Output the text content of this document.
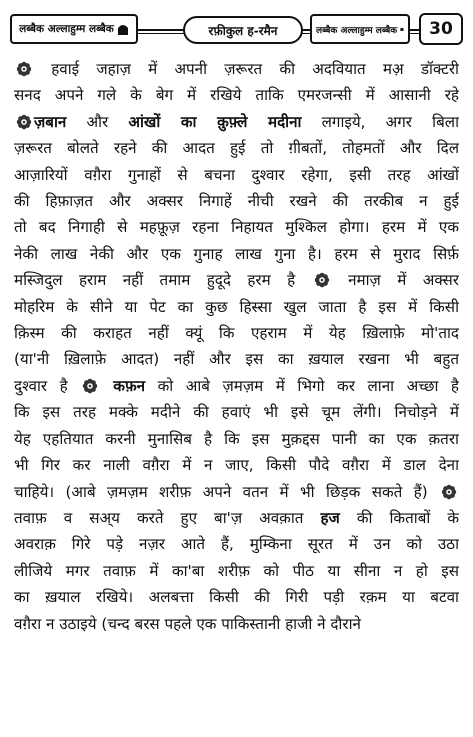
लब्बैक अल्लाहुम्म लब्बैक	रफ़ीकुल ह-रमैन	लब्बैक अल्लाहुम्म लब्बैक 30
हवाई जहाज़ में अपनी ज़रूरत की अदवियात मअ़ डॉक्टरी
सनद अपने गले के बेग में रखिये ताकि एमरजन्सी में आसानी रहे
ज़बान और आंखों का क़ुफ़्ले मदीना लगाइये, अगर बिला
ज़रूरत बोलते रहने की आदत हुई तो ग़ीबतों, तोहमतों और दिल
आज़ारियों वग़ैरा गुनाहों से बचना दुश्वार रहेगा, इसी तरह आंखों
की हिफ़ाज़त और अक्सर निगाहें नीची रखने की तरकीब न हुई
तो बद निगाही से महफ़ूज़ रहना निहायत मुश्किल होगा। हरम में एक
नेकी लाख नेकी और एक गुनाह लाख गुना है। हरम से मुराद सिर्फ़
मस्जिदुल हराम नहीं तमाम हुदूदे हरम है  नमाज़ में अक्सर
मोहरिम के सीने या पेट का कुछ हिस्सा खुल जाता है इस में किसी
क़िस्म की कराहत नहीं क्यूं कि एहराम में येह ख़िलाफ़े मो'ताद
(या'नी ख़िलाफ़े आदत) नहीं और इस का ख़याल रखना भी बहुत
दुश्वार है  कफ़न को आबे ज़मज़म में भिगो कर लाना अच्छा है
कि इस तरह मक्के मदीने की हवाएं भी इसे चूम लेंगी। निचोड़ने में
येह एहतियात करनी मुनासिब है कि इस मुक़द्दस पानी का एक क़तरा
भी गिर कर नाली वग़ैरा में न जाए, किसी पौदे वग़ैरा में डाल देना
चाहिये। (आबे ज़मज़म शरीफ़ अपने वतन में भी छिड़क सकते हैं)
तवाफ़ व सअ्य करते हुए बा'ज़ अवक़ात हज की किताबों के
अवराक़ गिरे पड़े नज़र आते हैं, मुम्किना सूरत में उन को उठा
लीजिये मगर तवाफ़ में का'बा शरीफ़ को पीठ या सीना न हो इस
का ख़याल रखिये। अलबत्ता किसी की गिरी पड़ी रक़म या बटवा
वग़ैरा न उठाइये (चन्द बरस पहले एक पाकिस्तानी हाजी ने दौराने
